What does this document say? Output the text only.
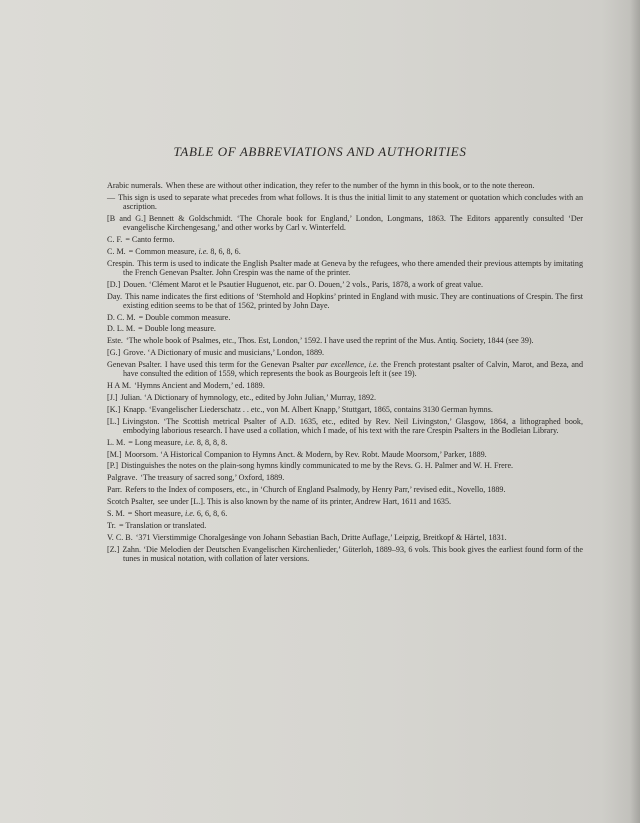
TABLE OF ABBREVIATIONS AND AUTHORITIES
Arabic numerals. When these are without other indication, they refer to the number of the hymn in this book, or to the note thereon.
— This sign is used to separate what precedes from what follows. It is thus the initial limit to any statement or quotation which concludes with an ascription.
[B and G.] Bennett & Goldschmidt. ‘The Chorale book for England,’ London, Longmans, 1863. The Editors apparently consulted ‘Der evangelische Kirchengesang,’ and other works by Carl v. Winterfeld.
C. F. = Canto fermo.
C. M. = Common measure, i.e. 8, 6, 8, 6.
Crespin. This term is used to indicate the English Psalter made at Geneva by the refugees, who there amended their previous attempts by imitating the French Genevan Psalter. John Crespin was the name of the printer.
[D.] Douen. ‘Clément Marot et le Psautier Huguenot, etc. par O. Douen,’ 2 vols., Paris, 1878, a work of great value.
Day. This name indicates the first editions of ‘Sternhold and Hopkins’ printed in England with music. They are continuations of Crespin. The first existing edition seems to be that of 1562, printed by John Daye.
D. C. M. = Double common measure.
D. L. M. = Double long measure.
Este. ‘The whole book of Psalmes, etc., Thos. Est, London,’ 1592. I have used the reprint of the Mus. Antiq. Society, 1844 (see 39).
[G.] Grove. ‘A Dictionary of music and musicians,’ London, 1889.
Genevan Psalter. I have used this term for the Genevan Psalter par excellence, i.e. the French protestant psalter of Calvin, Marot, and Beza, and have consulted the edition of 1559, which represents the book as Bourgeois left it (see 19).
H A M. ‘Hymns Ancient and Modern,’ ed. 1889.
[J.] Julian. ‘A Dictionary of hymnology, etc., edited by John Julian,’ Murray, 1892.
[K.] Knapp. ‘Evangelischer Liederschatz . . etc., von M. Albert Knapp,’ Stuttgart, 1865, contains 3130 German hymns.
[L.] Livingston. ‘The Scottish metrical Psalter of A.D. 1635, etc., edited by Rev. Neil Livingston,’ Glasgow, 1864, a lithographed book, embodying laborious research. I have used a collation, which I made, of his text with the rare Crespin Psalters in the Bodleian Library.
L. M. = Long measure, i.e. 8, 8, 8, 8.
[M.] Moorsom. ‘A Historical Companion to Hymns Anct. & Modern, by Rev. Robt. Maude Moorsom,’ Parker, 1889.
[P.] Distinguishes the notes on the plain-song hymns kindly communicated to me by the Revs. G. H. Palmer and W. H. Frere.
Palgrave. ‘The treasury of sacred song,’ Oxford, 1889.
Parr. Refers to the Index of composers, etc., in ‘Church of England Psalmody, by Henry Parr,’ revised edit., Novello, 1889.
Scotch Psalter, see under [L.]. This is also known by the name of its printer, Andrew Hart, 1611 and 1635.
S. M. = Short measure, i.e. 6, 6, 8, 6.
Tr. = Translation or translated.
V. C. B. ‘371 Vierstimmige Choralgesänge von Johann Sebastian Bach, Dritte Auflage,’ Leipzig, Breitkopf & Härtel, 1831.
[Z.] Zahn. ‘Die Melodien der Deutschen Evangelischen Kirchenlieder,’ Güterloh, 1889–93, 6 vols. This book gives the earliest found form of the tunes in musical notation, with collation of later versions.
